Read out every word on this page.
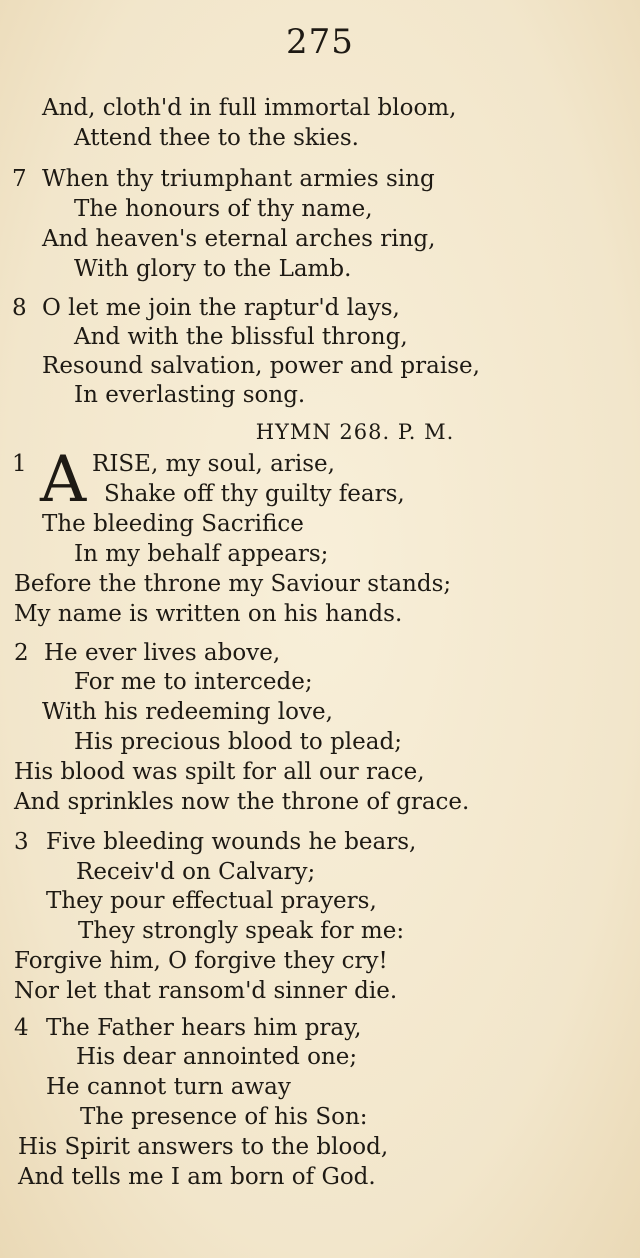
275
And, cloth'd in full immortal bloom,
Attend thee to the skies.
7 When thy triumphant armies sing
The honours of thy name,
And heaven's eternal arches ring,
With glory to the Lamb.
8 O let me join the raptur'd lays,
And with the blissful throng,
Resound salvation, power and praise,
In everlasting song.
HYMN 268. P. M.
1 A RISE, my soul, arise,
Shake off thy guilty fears,
The bleeding Sacrifice
In my behalf appears;
Before the throne my Saviour stands;
My name is written on his hands.
2 He ever lives above,
For me to intercede;
With his redeeming love,
His precious blood to plead;
His blood was spilt for all our race,
And sprinkles now the throne of grace.
3 Five bleeding wounds he bears,
Receiv'd on Calvary;
They pour effectual prayers,
They strongly speak for me:
Forgive him, O forgive they cry!
Nor let that ransom'd sinner die.
4 The Father hears him pray,
His dear annointed one;
He cannot turn away
The presence of his Son:
His Spirit answers to the blood,
And tells me I am born of God.
